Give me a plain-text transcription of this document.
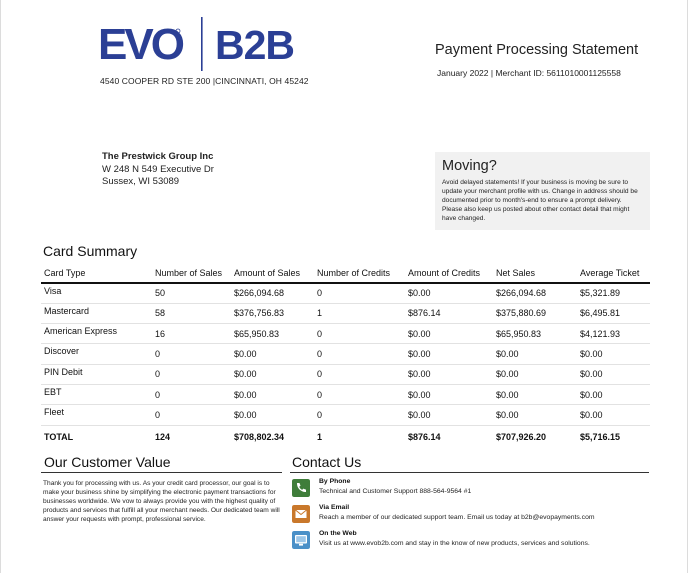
EVO B2B
4540 COOPER RD STE 200 |CINCINNATI, OH 45242
Payment Processing Statement
January 2022 | Merchant ID: 5611010001125558
The Prestwick Group Inc
W 248 N 549 Executive Dr
Sussex, WI 53089
Moving?

Avoid delayed statements! If your business is moving be sure to update your merchant profile with us. Change in address should be documented prior to month's-end to ensure a prompt delivery. Please also keep us posted about other contact detail that might have changed.

Card Summary
Card Type	Number of Sales	Amount of Sales	Number of Credits	Amount of Credits	Net Sales	Average Ticket
Visa	50	$266,094.68	0	$0.00	$266,094.68	$5,321.89
Mastercard	58	$376,756.83	1	$876.14	$375,880.69	$6,495.81
American Express	16	$65,950.83	0	$0.00	$65,950.83	$4,121.93
Discover	0	$0.00	0	$0.00	$0.00	$0.00
PIN Debit	0	$0.00	0	$0.00	$0.00	$0.00
EBT	0	$0.00	0	$0.00	$0.00	$0.00
Fleet	0	$0.00	0	$0.00	$0.00	$0.00
TOTAL	124	$708,802.34	1	$876.14	$707,926.20	$5,716.15
Our Customer Value
Thank you for processing with us. As your credit card processor, our goal is to make your business shine by simplifying the electronic payment transactions for businesses worldwide. We vow to always provide you with the highest quality of products and services that fulfill all your merchant needs. Our dedicated team will answer your requests with prompt, professional service.
Contact Us
By Phone
Technical and Customer Support 888-564-9564 #1
Via Email
Reach a member of our dedicated support team. Email us today at b2b@evopayments.com
On the Web
Visit us at www.evob2b.com and stay in the know of new products, services and solutions.
